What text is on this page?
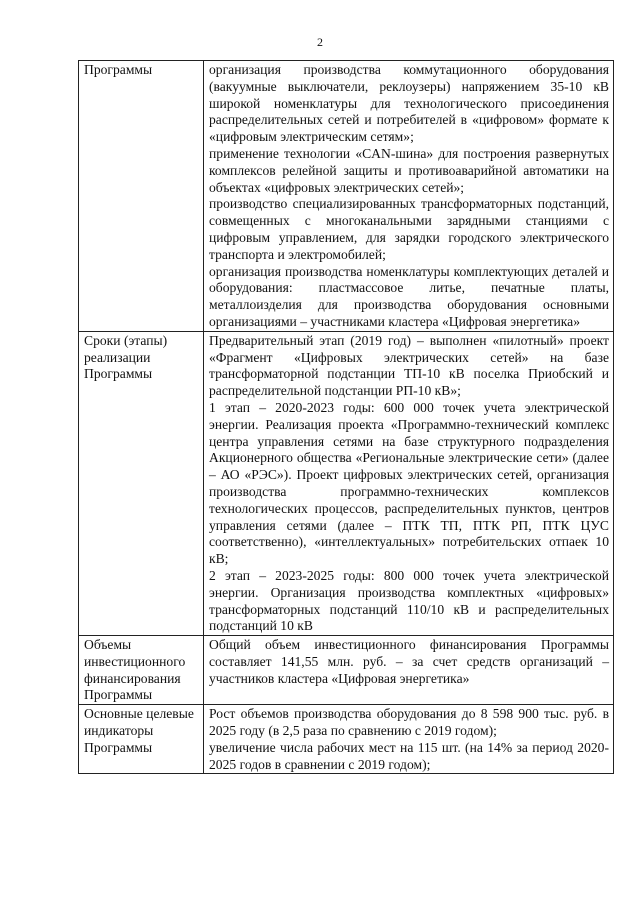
2
Программы	организация производства коммутационного оборудования (вакуумные выключатели, реклоузеры) напряжением 35-10 кВ широкой номенклатуры для технологического присоединения распределительных сетей и потребителей в «цифровом» формате к «цифровым электрическим сетям»;

применение технологии «CAN-шина» для построения развернутых комплексов релейной защиты и противоаварийной автоматики на объектах «цифровых электрических сетей»;

производство специализированных трансформаторных подстанций, совмещенных с многоканальными зарядными станциями с цифровым управлением, для зарядки городского электрического транспорта и электромобилей;

организация производства номенклатуры комплектующих деталей и оборудования: пластмассовое литье, печатные платы, металлоизделия для производства оборудования основными организациями – участниками кластера «Цифровая энергетика»

Сроки (этапы) реализации Программы	Предварительный этап (2019 год) – выполнен «пилотный» проект «Фрагмент «Цифровых электрических сетей» на базе трансформаторной подстанции ТП-10 кВ поселка Приобский и распределительной подстанции РП-10 кВ»;

1 этап – 2020-2023 годы: 600 000 точек учета электрической энергии. Реализация проекта «Программно-технический комплекс центра управления сетями на базе структурного подразделения Акционерного общества «Региональные электрические сети» (далее – АО «РЭС»). Проект цифровых электрических сетей, организация производства программно-технических комплексов технологических процессов, распределительных пунктов, центров управления сетями (далее – ПТК ТП, ПТК РП, ПТК ЦУС соответственно), «интеллектуальных» потребительских отпаек 10 кВ;

2 этап – 2023-2025 годы: 800 000 точек учета электрической энергии. Организация производства комплектных «цифровых» трансформаторных подстанций 110/10 кВ и распределительных подстанций 10 кВ

Объемы инвестиционного финансирования Программы	Общий объем инвестиционного финансирования Программы составляет 141,55 млн. руб. – за счет средств организаций – участников кластера «Цифровая энергетика»

Основные целевые индикаторы Программы	Рост объемов производства оборудования до 8 598 900 тыс. руб. в 2025 году (в 2,5 раза по сравнению с 2019 годом);

увеличение числа рабочих мест на 115 шт. (на 14% за период 2020-2025 годов в сравнении с 2019 годом);
